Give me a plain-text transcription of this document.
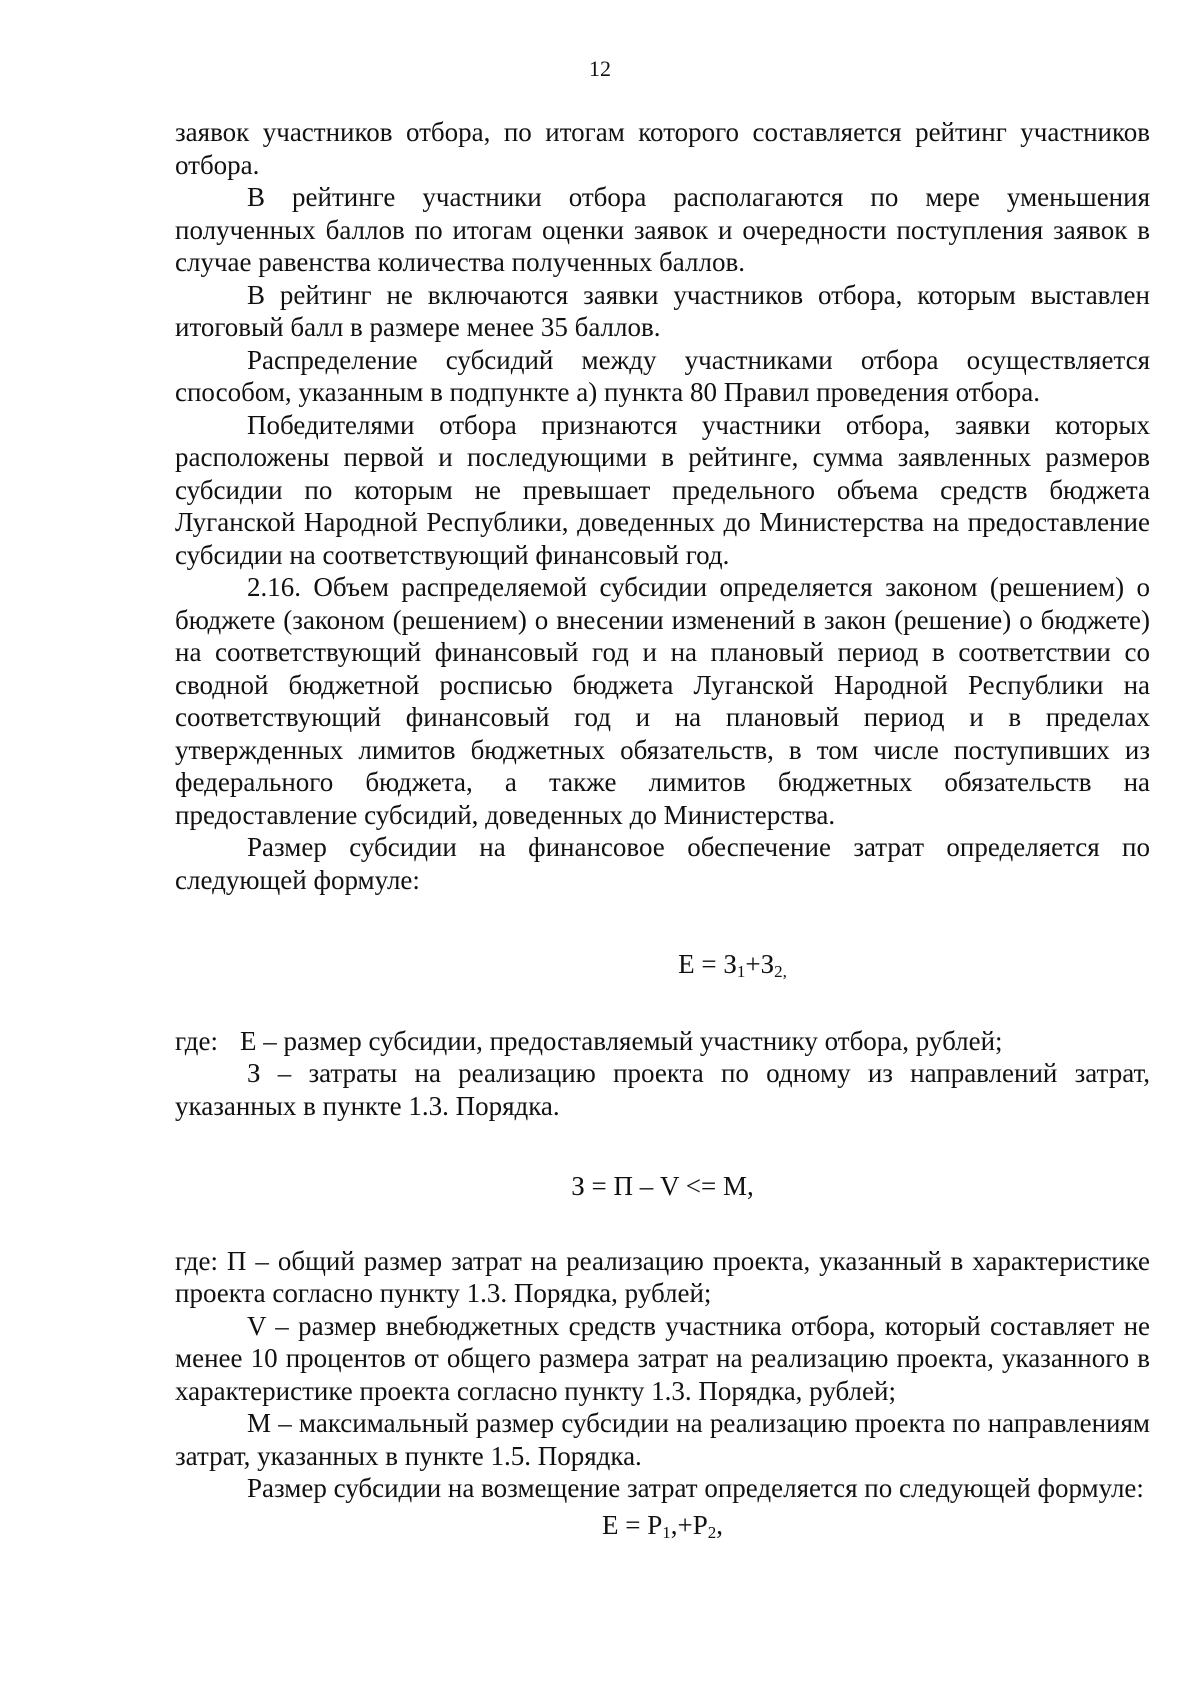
12

заявок участников отбора, по итогам которого составляется рейтинг участников отбора.

В рейтинге участники отбора располагаются по мере уменьшения полученных баллов по итогам оценки заявок и очередности поступления заявок в случае равенства количества полученных баллов.

В рейтинг не включаются заявки участников отбора, которым выставлен итоговый балл в размере менее 35 баллов.

Распределение субсидий между участниками отбора осуществляется способом, указанным в подпункте а) пункта 80 Правил проведения отбора.

Победителями отбора признаются участники отбора, заявки которых расположены первой и последующими в рейтинге, сумма заявленных размеров субсидии по которым не превышает предельного объема средств бюджета Луганской Народной Республики, доведенных до Министерства на предоставление субсидии на соответствующий финансовый год.

2.16. Объем распределяемой субсидии определяется законом (решением) о бюджете (законом (решением) о внесении изменений в закон (решение) о бюджете) на соответствующий финансовый год и на плановый период в соответствии со сводной бюджетной росписью бюджета Луганской Народной Республики на соответствующий финансовый год и на плановый период и в пределах утвержденных лимитов бюджетных обязательств, в том числе поступивших из федерального бюджета, а также лимитов бюджетных обязательств на предоставление субсидий, доведенных до Министерства.

Размер субсидии на финансовое обеспечение затрат определяется по следующей формуле:

$Е = З_1+З_{2,}$

где: Е – размер субсидии, предоставляемый участнику отбора, рублей;

З – затраты на реализацию проекта по одному из направлений затрат, указанных в пункте 1.3. Порядка.

З = П – V <= М,

где: П – общий размер затрат на реализацию проекта, указанный в характеристике проекта согласно пункту 1.3. Порядка, рублей;

V – размер внебюджетных средств участника отбора, который составляет не менее 10 процентов от общего размера затрат на реализацию проекта, указанного в характеристике проекта согласно пункту 1.3. Порядка, рублей;

М – максимальный размер субсидии на реализацию проекта по направлениям затрат, указанных в пункте 1.5. Порядка.

Размер субсидии на возмещение затрат определяется по следующей формуле:

$Е = Р_1,+Р_2$,
